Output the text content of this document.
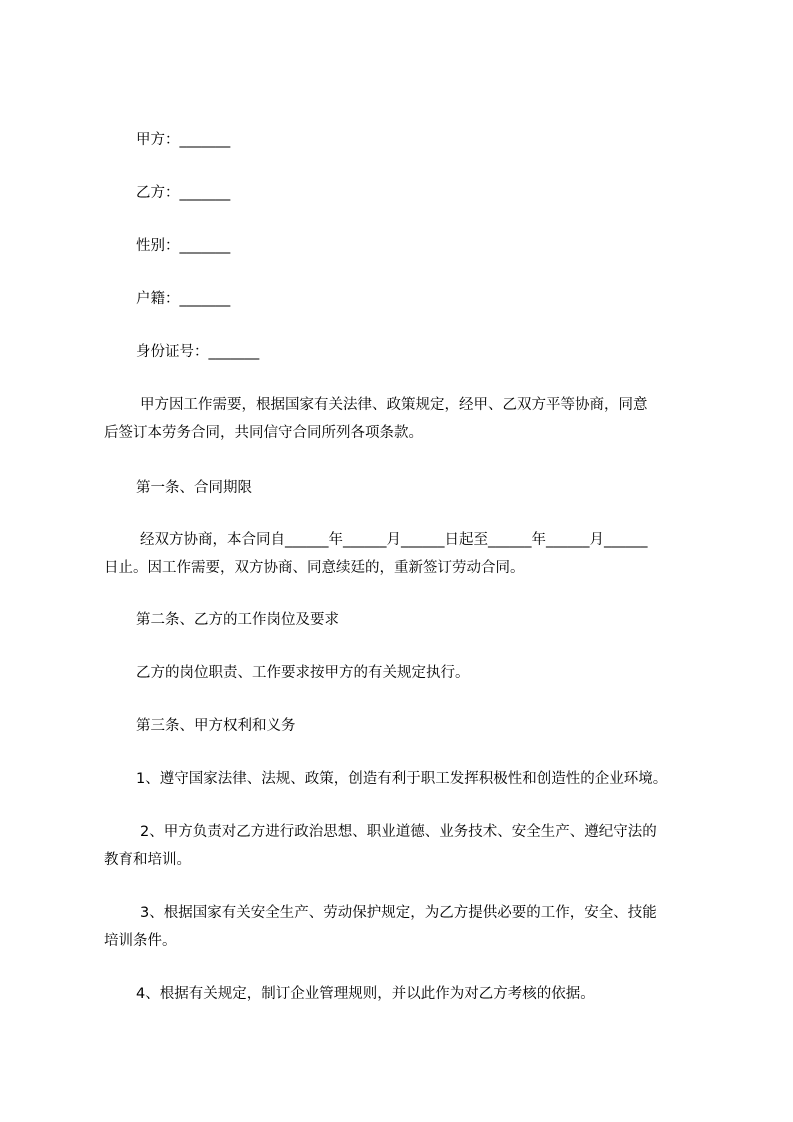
甲方：_______

乙方：_______

性别：_______

户籍：_______

身份证号：_______

甲方因工作需要，根据国家有关法律、政策规定，经甲、乙双方平等协商，同意

后签订本劳务合同，共同信守合同所列各项条款。

第一条、合同期限

经双方协商，本合同自______年______月______日起至______年______月______

日止。因工作需要，双方协商、同意续廷的，重新签订劳动合同。

第二条、乙方的工作岗位及要求

乙方的岗位职责、工作要求按甲方的有关规定执行。

第三条、甲方权利和义务

1、遵守国家法律、法规、政策，创造有利于职工发挥积极性和创造性的企业环境。

2、甲方负责对乙方进行政治思想、职业道德、业务技术、安全生产、遵纪守法的

教育和培训。

3、根据国家有关安全生产、劳动保护规定，为乙方提供必要的工作，安全、技能

培训条件。

4、根据有关规定，制订企业管理规则，并以此作为对乙方考核的依据。
